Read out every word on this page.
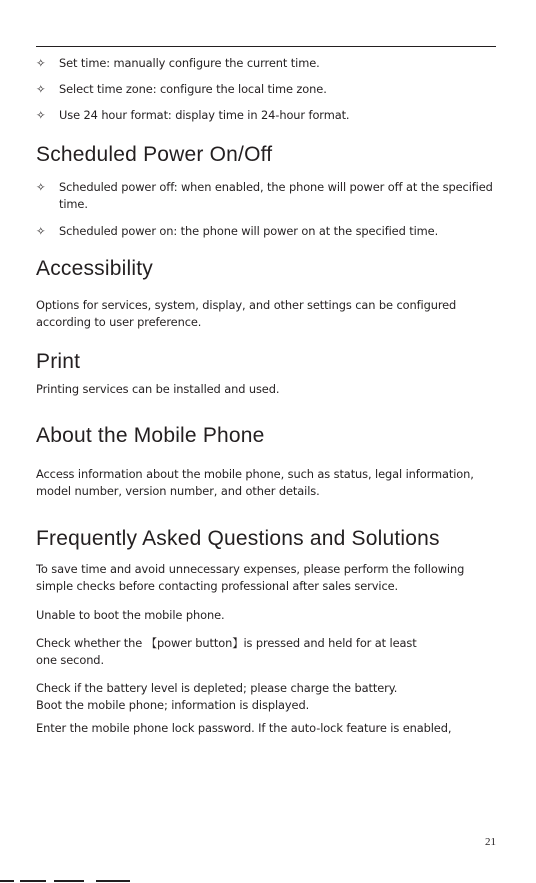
✧ Set time: manually configure the current time.
✧ Select time zone: configure the local time zone.
✧ Use 24 hour format: display time in 24-hour format.
Scheduled Power On/Off
✧ Scheduled power off: when enabled, the phone will power off at the specified time.
✧ Scheduled power on: the phone will power on at the specified time.
Accessibility

Options for services, system, display, and other settings can be configured according to user preference.

Print

Printing services can be installed and used.

About the Mobile Phone

Access information about the mobile phone, such as status, legal information, model number, version number, and other details.

Frequently Asked Questions and Solutions

To save time and avoid unnecessary expenses, please perform the following simple checks before contacting professional after sales service.

Unable to boot the mobile phone.

Check whether the 【power button】is pressed and held for at least one second.

Check if the battery level is depleted; please charge the battery.

Boot the mobile phone; information is displayed.

Enter the mobile phone lock password. If the auto-lock feature is enabled,

21
